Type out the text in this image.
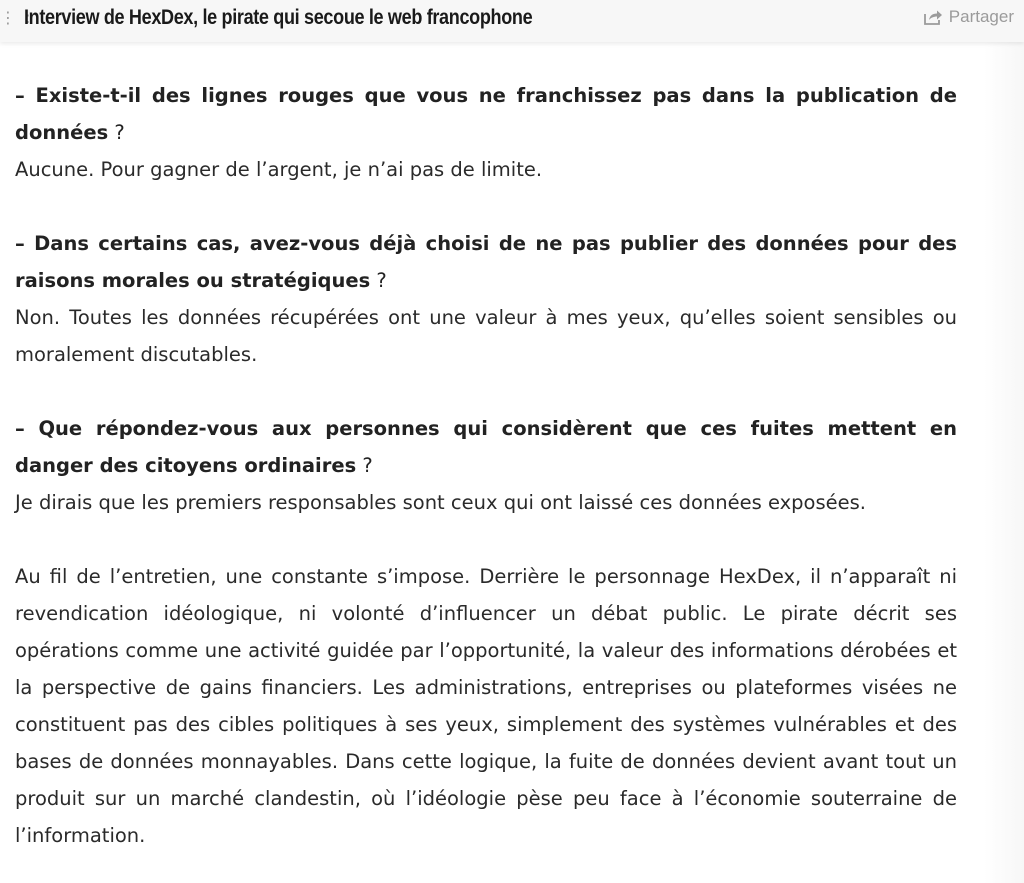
⋮ :
Interview de HexDex, le pirate qui secoue le web francophone	Partager

– Existe-t-il des lignes rouges que vous ne franchissez pas dans la publication de données ?

Aucune. Pour gagner de l’argent, je n’ai pas de limite.

– Dans certains cas, avez-vous déjà choisi de ne pas publier des données pour des raisons morales ou stratégiques ?

Non. Toutes les données récupérées ont une valeur à mes yeux, qu’elles soient sensibles ou moralement discutables.

– Que répondez-vous aux personnes qui considèrent que ces fuites mettent en danger des citoyens ordinaires ?

Je dirais que les premiers responsables sont ceux qui ont laissé ces données exposées.

Au fil de l’entretien, une constante s’impose. Derrière le personnage HexDex, il n’apparaît ni revendication idéologique, ni volonté d’influencer un débat public. Le pirate décrit ses opérations comme une activité guidée par l’opportunité, la valeur des informations dérobées et la perspective de gains financiers. Les administrations, entreprises ou plateformes visées ne constituent pas des cibles politiques à ses yeux, simplement des systèmes vulnérables et des bases de données monnayables. Dans cette logique, la fuite de données devient avant tout un produit sur un marché clandestin, où l’idéologie pèse peu face à l’économie souterraine de l’information.
